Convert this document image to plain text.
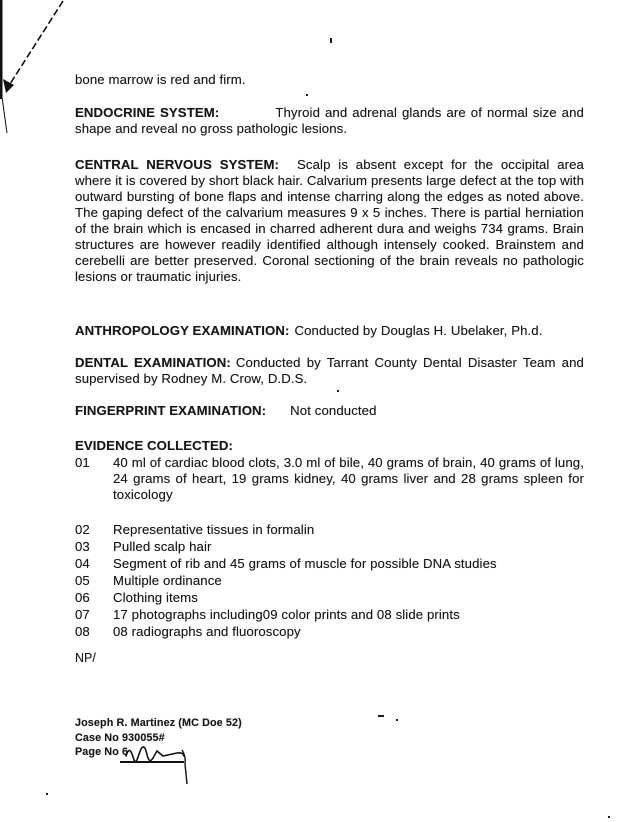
bone marrow is red and firm.

ENDOCRINE SYSTEM:	Thyroid and adrenal glands are of normal size and shape and reveal no gross pathologic lesions.

CENTRAL NERVOUS SYSTEM: Scalp is absent except for the occipital area where it is covered by short black hair. Calvarium presents large defect at the top with outward bursting of bone flaps and intense charring along the edges as noted above. The gaping defect of the calvarium measures 9 x 5 inches. There is partial herniation of the brain which is encased in charred adherent dura and weighs 734 grams. Brain structures are however readily identified although intensely cooked. Brainstem and cerebelli are better preserved. Coronal sectioning of the brain reveals no pathologic lesions or traumatic injuries.

ANTHROPOLOGY EXAMINATION: Conducted by Douglas H. Ubelaker, Ph.d.

DENTAL EXAMINATION: Conducted by Tarrant County Dental Disaster Team and supervised by Rodney M. Crow, D.D.S.

FINGERPRINT EXAMINATION: Not conducted

EVIDENCE COLLECTED:

01	40 ml of cardiac blood clots, 3.0 ml of bile, 40 grams of brain, 40 grams of lung, 24 grams of heart, 19 grams kidney, 40 grams liver and 28 grams spleen for toxicology
02	Representative tissues in formalin
03	Pulled scalp hair
04	Segment of rib and 45 grams of muscle for possible DNA studies
05	Multiple ordinance
06	Clothing items
07	17 photographs including09 color prints and 08 slide prints
08	08 radiographs and fluoroscopy
NP/
Joseph R. Martinez (MC Doe 52)
Case No 930055#
Page No 6
